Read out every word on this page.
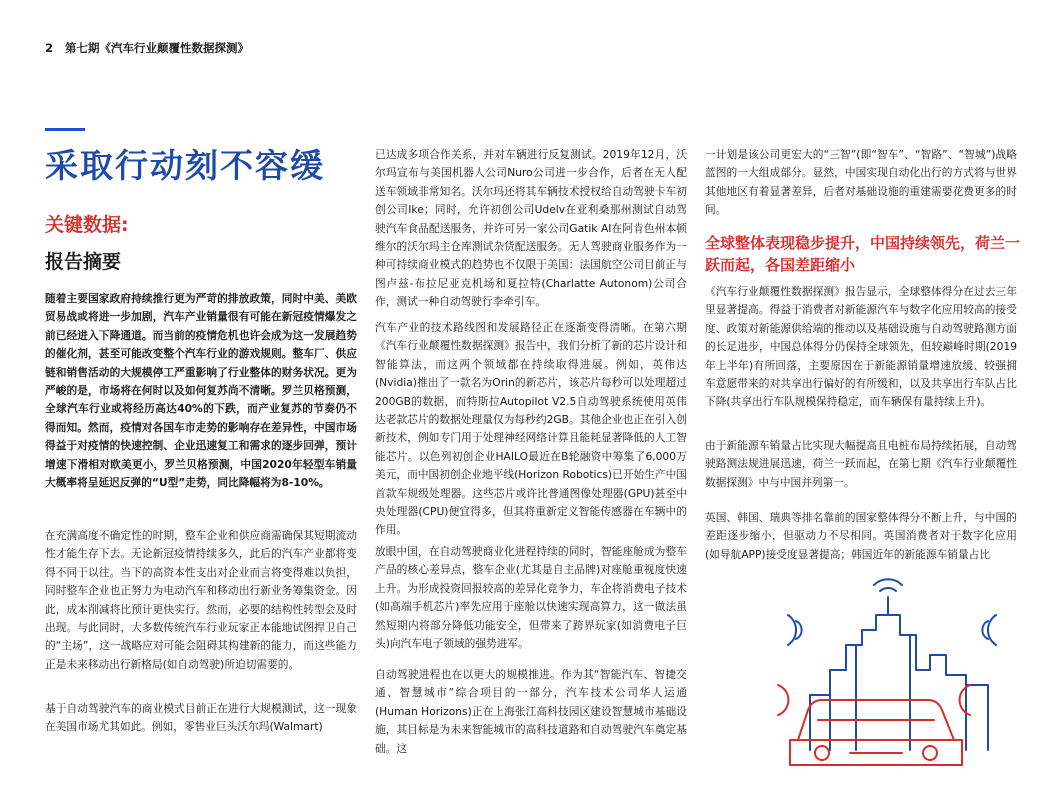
2 第七期《汽车行业颠覆性数据探测》
采取行动刻不容缓
关键数据:
报告摘要

随着主要国家政府持续推行更为严苛的排放政策，同时中美、美欧贸易战或将进一步加剧，汽车产业销量很有可能在新冠疫情爆发之前已经进入下降通道。而当前的疫情危机也许会成为这一发展趋势的催化剂，甚至可能改变整个汽车行业的游戏规则。整车厂、供应链和销售活动的大规模停工严重影响了行业整体的财务状况。更为严峻的是，市场将在何时以及如何复苏尚不清晰。罗兰贝格预测，全球汽车行业或将经历高达40%的下跌，而产业复苏的节奏仍不得而知。然而，疫情对各国车市走势的影响存在差异性，中国市场得益于对疫情的快速控制、企业迅速复工和需求的逐步回弹，预计增速下滑相对欧美更小，罗兰贝格预测，中国2020年轻型车销量大概率将呈延迟反弹的“U型”走势，同比降幅将为8-10%。

在充满高度不确定性的时期，整车企业和供应商需确保其短期流动性才能生存下去。无论新冠疫情持续多久，此后的汽车产业都将变得不同于以往。当下的高资本性支出对企业而言将变得难以负担，同时整车企业也正努力为电动汽车和移动出行新业务筹集资金。因此，成本削减将比预计更快实行。然而，必要的结构性转型会及时出现。与此同时，大多数传统汽车行业玩家正本能地试图捍卫自己的“主场”，这一战略应对可能会阻碍其构建新的能力，而这些能力正是未来移动出行新格局(如自动驾驶)所迫切需要的。

基于自动驾驶汽车的商业模式目前正在进行大规模测试，这一现象在美国市场尤其如此。例如，零售业巨头沃尔玛(Walmart)

已达成多项合作关系，并对车辆进行反复测试。2019年12月，沃尔玛宣布与美国机器人公司Nuro公司进一步合作，后者在无人配送车领域非常知名。沃尔玛还将其车辆技术授权给自动驾驶卡车初创公司Ike；同时，允许初创公司Udelv在亚利桑那州测试自动驾驶汽车食品配送服务，并许可另一家公司Gatik AI在阿肯色州本顿维尔的沃尔玛主仓库测试杂货配送服务。无人驾驶商业服务作为一种可持续商业模式的趋势也不仅限于美国：法国航空公司目前正与图卢兹-布拉尼亚克机场和夏拉特(Charlatte Autonom)公司合作，测试一种自动驾驶行李牵引车。

汽车产业的技术路线图和发展路径正在逐渐变得清晰。在第六期《汽车行业颠覆性数据探测》报告中，我们分析了新的芯片设计和智能算法，而这两个领域都在持续取得进展。例如，英伟达(Nvidia)推出了一款名为Orin的新芯片，该芯片每秒可以处理超过200GB的数据，而特斯拉Autopilot V2.5自动驾驶系统使用英伟达老款芯片的数据处理量仅为每秒约2GB。其他企业也正在引入创新技术，例如专门用于处理神经网络计算且能耗显著降低的人工智能芯片。以色列初创企业HAILO最近在B轮融资中筹集了6,000万美元，而中国初创企业地平线(Horizon Robotics)已开始生产中国首款车规级处理器。这些芯片或许比普通图像处理器(GPU)甚至中央处理器(CPU)便宜得多，但其将重新定义智能传感器在车辆中的作用。

放眼中国，在自动驾驶商业化进程持续的同时，智能座舱成为整车产品的核心差异点，整车企业(尤其是自主品牌)对座舱重视度快速上升。为形成投资回报较高的差异化竞争力，车企将消费电子技术(如高端手机芯片)率先应用于座舱以快速实现高算力，这一做法虽然短期内将部分降低功能安全，但带来了跨界玩家(如消费电子巨头)向汽车电子领域的强势进军。

自动驾驶进程也在以更大的规模推进。作为其“智能汽车、智捷交通、智慧城市”综合项目的一部分，汽车技术公司华人运通(Human Horizons)正在上海张江高科技园区建设智慧城市基础设施，其目标是为未来智能城市的高科技道路和自动驾驶汽车奠定基础。这

一计划是该公司更宏大的“三智”(即“智车”、“智路”、“智城”)战略蓝图的一大组成部分。显然，中国实现自动化出行的方式将与世界其他地区有着显著差异，后者对基础设施的重建需要花费更多的时间。

全球整体表现稳步提升，中国持续领先，荷兰一跃而起，各国差距缩小

《汽车行业颠覆性数据探测》报告显示，全球整体得分在过去三年里显著提高。得益于消费者对新能源汽车与数字化应用较高的接受度、政策对新能源供给端的推动以及基础设施与自动驾驶路测方面的长足进步，中国总体得分仍保持全球领先，但较巅峰时期(2019年上半年)有所回落，主要原因在于新能源销量增速放缓、较强拥车意愿带来的对共享出行偏好的有所缓和，以及共享出行车队占比下降(共享出行车队规模保持稳定，而车辆保有量持续上升)。

由于新能源车销量占比实现大幅提高且电桩布局持续拓展，自动驾驶路测法规进展迅速，荷兰一跃而起，在第七期《汽车行业颠覆性数据探测》中与中国并列第一。

英国、韩国、瑞典等排名靠前的国家整体得分不断上升，与中国的差距逐步缩小，但驱动力不尽相同。英国消费者对于数字化应用(如导航APP)接受度显著提高；韩国近年的新能源车销量占比
